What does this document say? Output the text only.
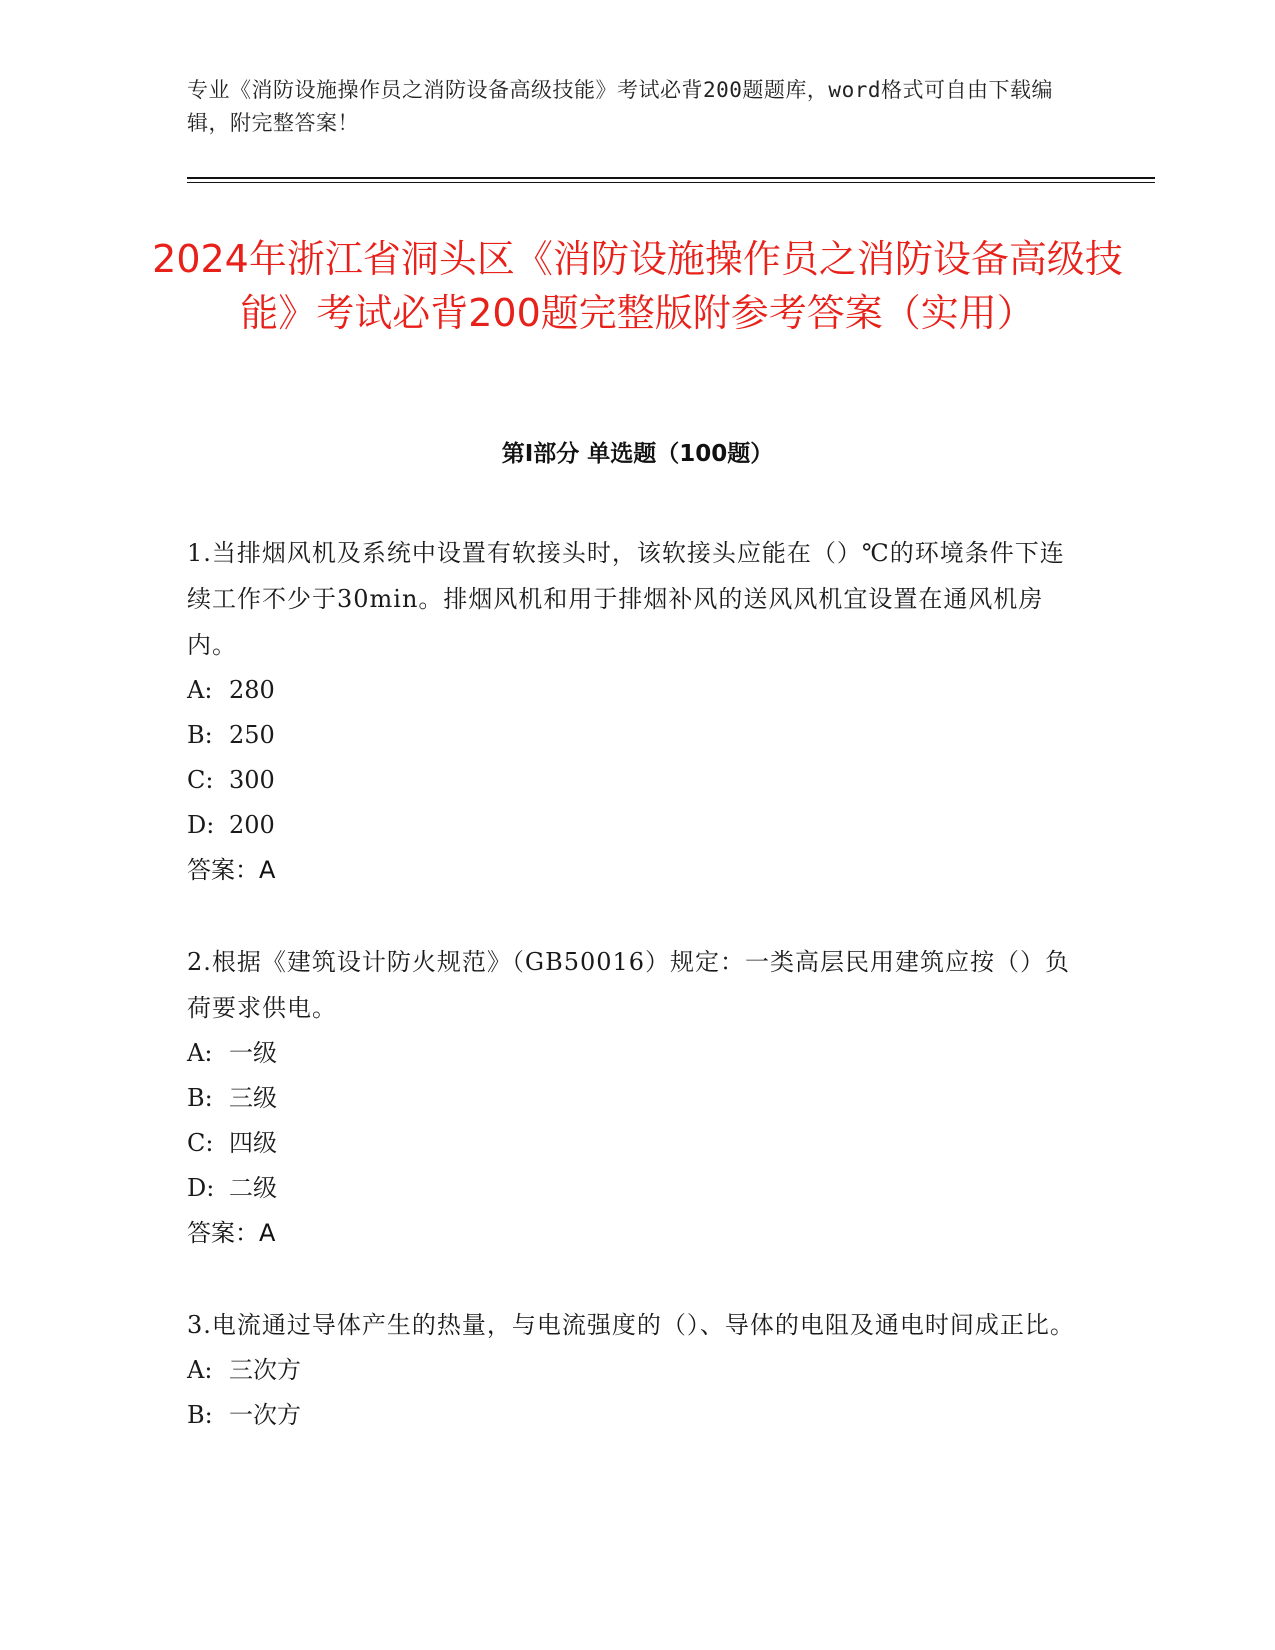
专业《消防设施操作员之消防设备高级技能》考试必背200题题库，word格式可自由下载编辑，附完整答案！
2024年浙江省洞头区《消防设施操作员之消防设备高级技能》考试必背200题完整版附参考答案（实用）
第Ⅰ部分 单选题（100题）
1.当排烟风机及系统中设置有软接头时，该软接头应能在（）℃的环境条件下连续工作不少于30min。排烟风机和用于排烟补风的送风风机宜设置在通风机房内。
A: 280
B: 250
C: 300
D: 200
答案：A
2.根据《建筑设计防火规范》（GB50016）规定：一类高层民用建筑应按（）负荷要求供电。
A: 一级
B: 三级
C: 四级
D: 二级
答案：A
3.电流通过导体产生的热量，与电流强度的（）、导体的电阻及通电时间成正比。
A: 三次方
B: 一次方
